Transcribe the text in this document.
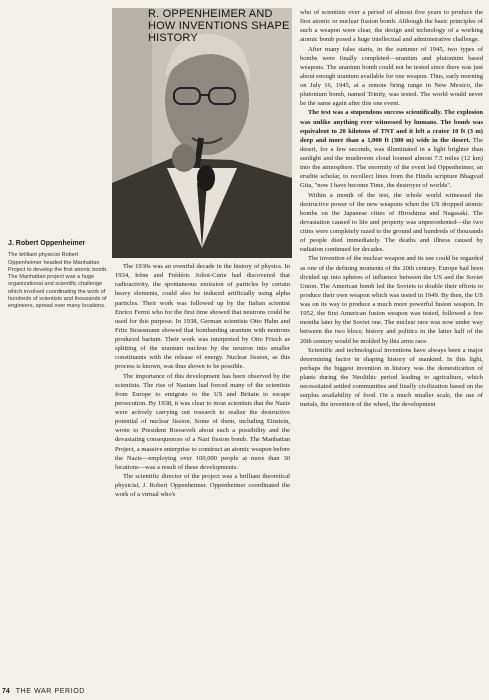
R. OPPENHEIMER AND HOW INVENTIONS SHAPE HISTORY
J. Robert Oppenheimer
The brilliant physicist Robert Oppenheimer headed the Manhattan Project to develop the first atomic bomb. The Manhattan project was a huge organizational and scientific challenge which involved coordinating the work of hundreds of scientists and thousands of engineers, spread over many locations.

The 1930s was an eventful decade in the history of physics. In 1934, Irène and Frédéric Joliot-Curie had discovered that radioactivity, the spontaneous emission of particles by certain heavy elements, could also be induced artificially using alpha particles. Their work was followed up by the Italian scientist Enrico Fermi who for the first time showed that neutrons could be used for this purpose. In 1938, German scientists Otto Hahn and Fritz Strassmann showed that bombarding uranium with neutrons produced barium. Their work was interpreted by Otto Frisch as splitting of the uranium nucleus by the neutron into smaller constituents with the release of energy. Nuclear fission, as this process is known, was thus shown to be possible.

The importance of this development has been observed by the scientists. The rise of Nazism had forced many of the scientists from Europe to emigrate to the US and Britain to escape persecution. By 1938, it was clear to most scientists that the Nazis were actively carrying out research to realize the destructive potential of nuclear fission. Some of them, including Einstein, wrote to President Roosevelt about such a possibility and the devastating consequences of a Nazi fission bomb. The Manhattan Project, a massive enterprise to construct an atomic weapon before the Nazis—employing over 100,000 people at more than 30 locations—was a result of these developments.

The scientific director of the project was a brilliant theoretical physicist, J. Robert Oppenheimer. Oppenheimer coordinated the work of a virtual who's

who of scientists over a period of almost five years to produce the first atomic or nuclear fission bomb. Although the basic principles of such a weapon were clear, the design and technology of a working atomic bomb posed a huge intellectual and administrative challenge.

After many false starts, in the summer of 1945, two types of bombs were finally completed—uranium and plutonium based weapons. The uranium bomb could not be tested since there was just about enough uranium available for one weapon. Thus, early morning on July 16, 1945, at a remote firing range in New Mexico, the plutonium bomb, named Trinity, was tested. The world would never be the same again after this one event.

The test was a stupendous success scientifically. The explosion was unlike anything ever witnessed by humans. The bomb was equivalent to 20 kilotons of TNT and it left a crater 10 ft (3 m) deep and more than a 1,000 ft (300 m) wide in the desert. The desert, for a few seconds, was illuminated in a light brighter than sunlight and the mushroom cloud loomed almost 7.5 miles (12 km) into the atmosphere. The enormity of the event led Oppenheimer, an erudite scholar, to recollect lines from the Hindu scripture Bhagvad Gita, "now I have become Time, the destroyer of worlds".

Within a month of the test, the whole world witnessed the destructive power of the new weapons when the US dropped atomic bombs on the Japanese cities of Hiroshima and Nagasaki. The devastation caused to life and property was unprecedented—the two cities were completely razed to the ground and hundreds of thousands of people died immediately. The deaths and illness caused by radiation continued for decades.

The invention of the nuclear weapon and its use could be regarded as one of the defining moments of the 20th century. Europe had been divided up into spheres of influence between the US and the Soviet Union. The American bomb led the Soviets to double their efforts to produce their own weapon which was tested in 1949. By then, the US was on its way to produce a much more powerful fusion weapon. In 1952, the first American fusion weapon was tested, followed a few months later by the Soviet one. The nuclear race was now under way between the two blocs; history and politics in the latter half of the 20th century would be molded by this arms race.

Scientific and technological inventions have always been a major determining factor in shaping history of mankind. In this light, perhaps the biggest invention in history was the domestication of plants during the Neolithic period leading to agriculture, which necessitated settled communities and finally civilization based on the surplus availability of food. On a much smaller scale, the use of metals, the invention of the wheel, the development

74 THE WAR PERIOD
